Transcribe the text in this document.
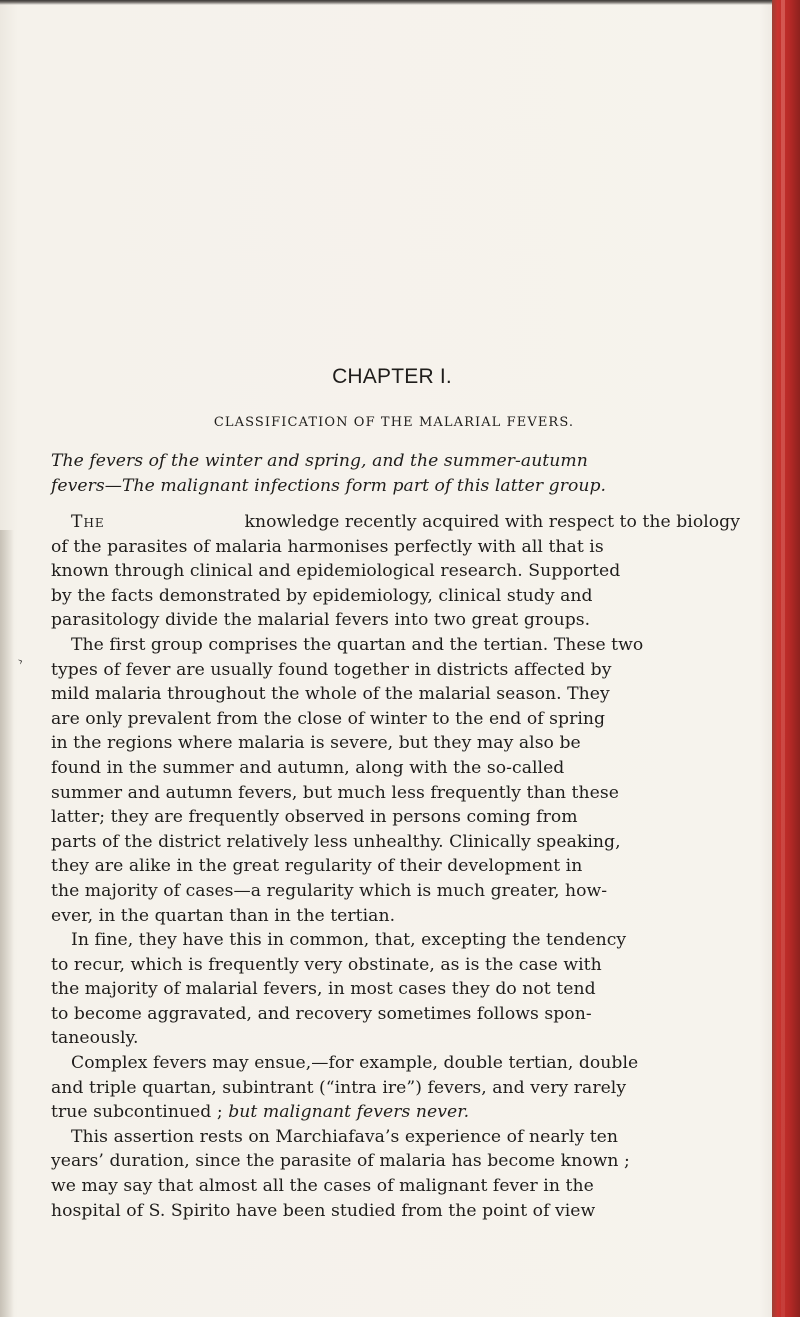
›
CHAPTER I.
CLASSIFICATION OF THE MALARIAL FEVERS.
The fevers of the winter and spring, and the summer-autumn
fevers—The malignant infections form part of this latter group.
The	knowledge recently acquired with respect to the biology
of the parasites of malaria harmonises perfectly with all that is
known through clinical and epidemiological research. Supported
by the facts demonstrated by epidemiology, clinical study and
parasitology divide the malarial fevers into two great groups.
The first group comprises the quartan and the tertian. These two
types of fever are usually found together in districts affected by
mild malaria throughout the whole of the malarial season. They
are only prevalent from the close of winter to the end of spring
in the regions where malaria is severe, but they may also be
found in the summer and autumn, along with the so-called
summer and autumn fevers, but much less frequently than these
latter; they are frequently observed in persons coming from
parts of the district relatively less unhealthy. Clinically speaking,
they are alike in the great regularity of their development in
the majority of cases—a regularity which is much greater, how-
ever, in the quartan than in the tertian.
In fine, they have this in common, that, excepting the tendency
to recur, which is frequently very obstinate, as is the case with
the majority of malarial fevers, in most cases they do not tend
to become aggravated, and recovery sometimes follows spon-
taneously.
Complex fevers may ensue,—for example, double tertian, double
and triple quartan, subintrant (“intra ire”) fevers, and very rarely
true subcontinued ; but malignant fevers never.
This assertion rests on Marchiafava’s experience of nearly ten
years’ duration, since the parasite of malaria has become known ;
we may say that almost all the cases of malignant fever in the
hospital of S. Spirito have been studied from the point of view
